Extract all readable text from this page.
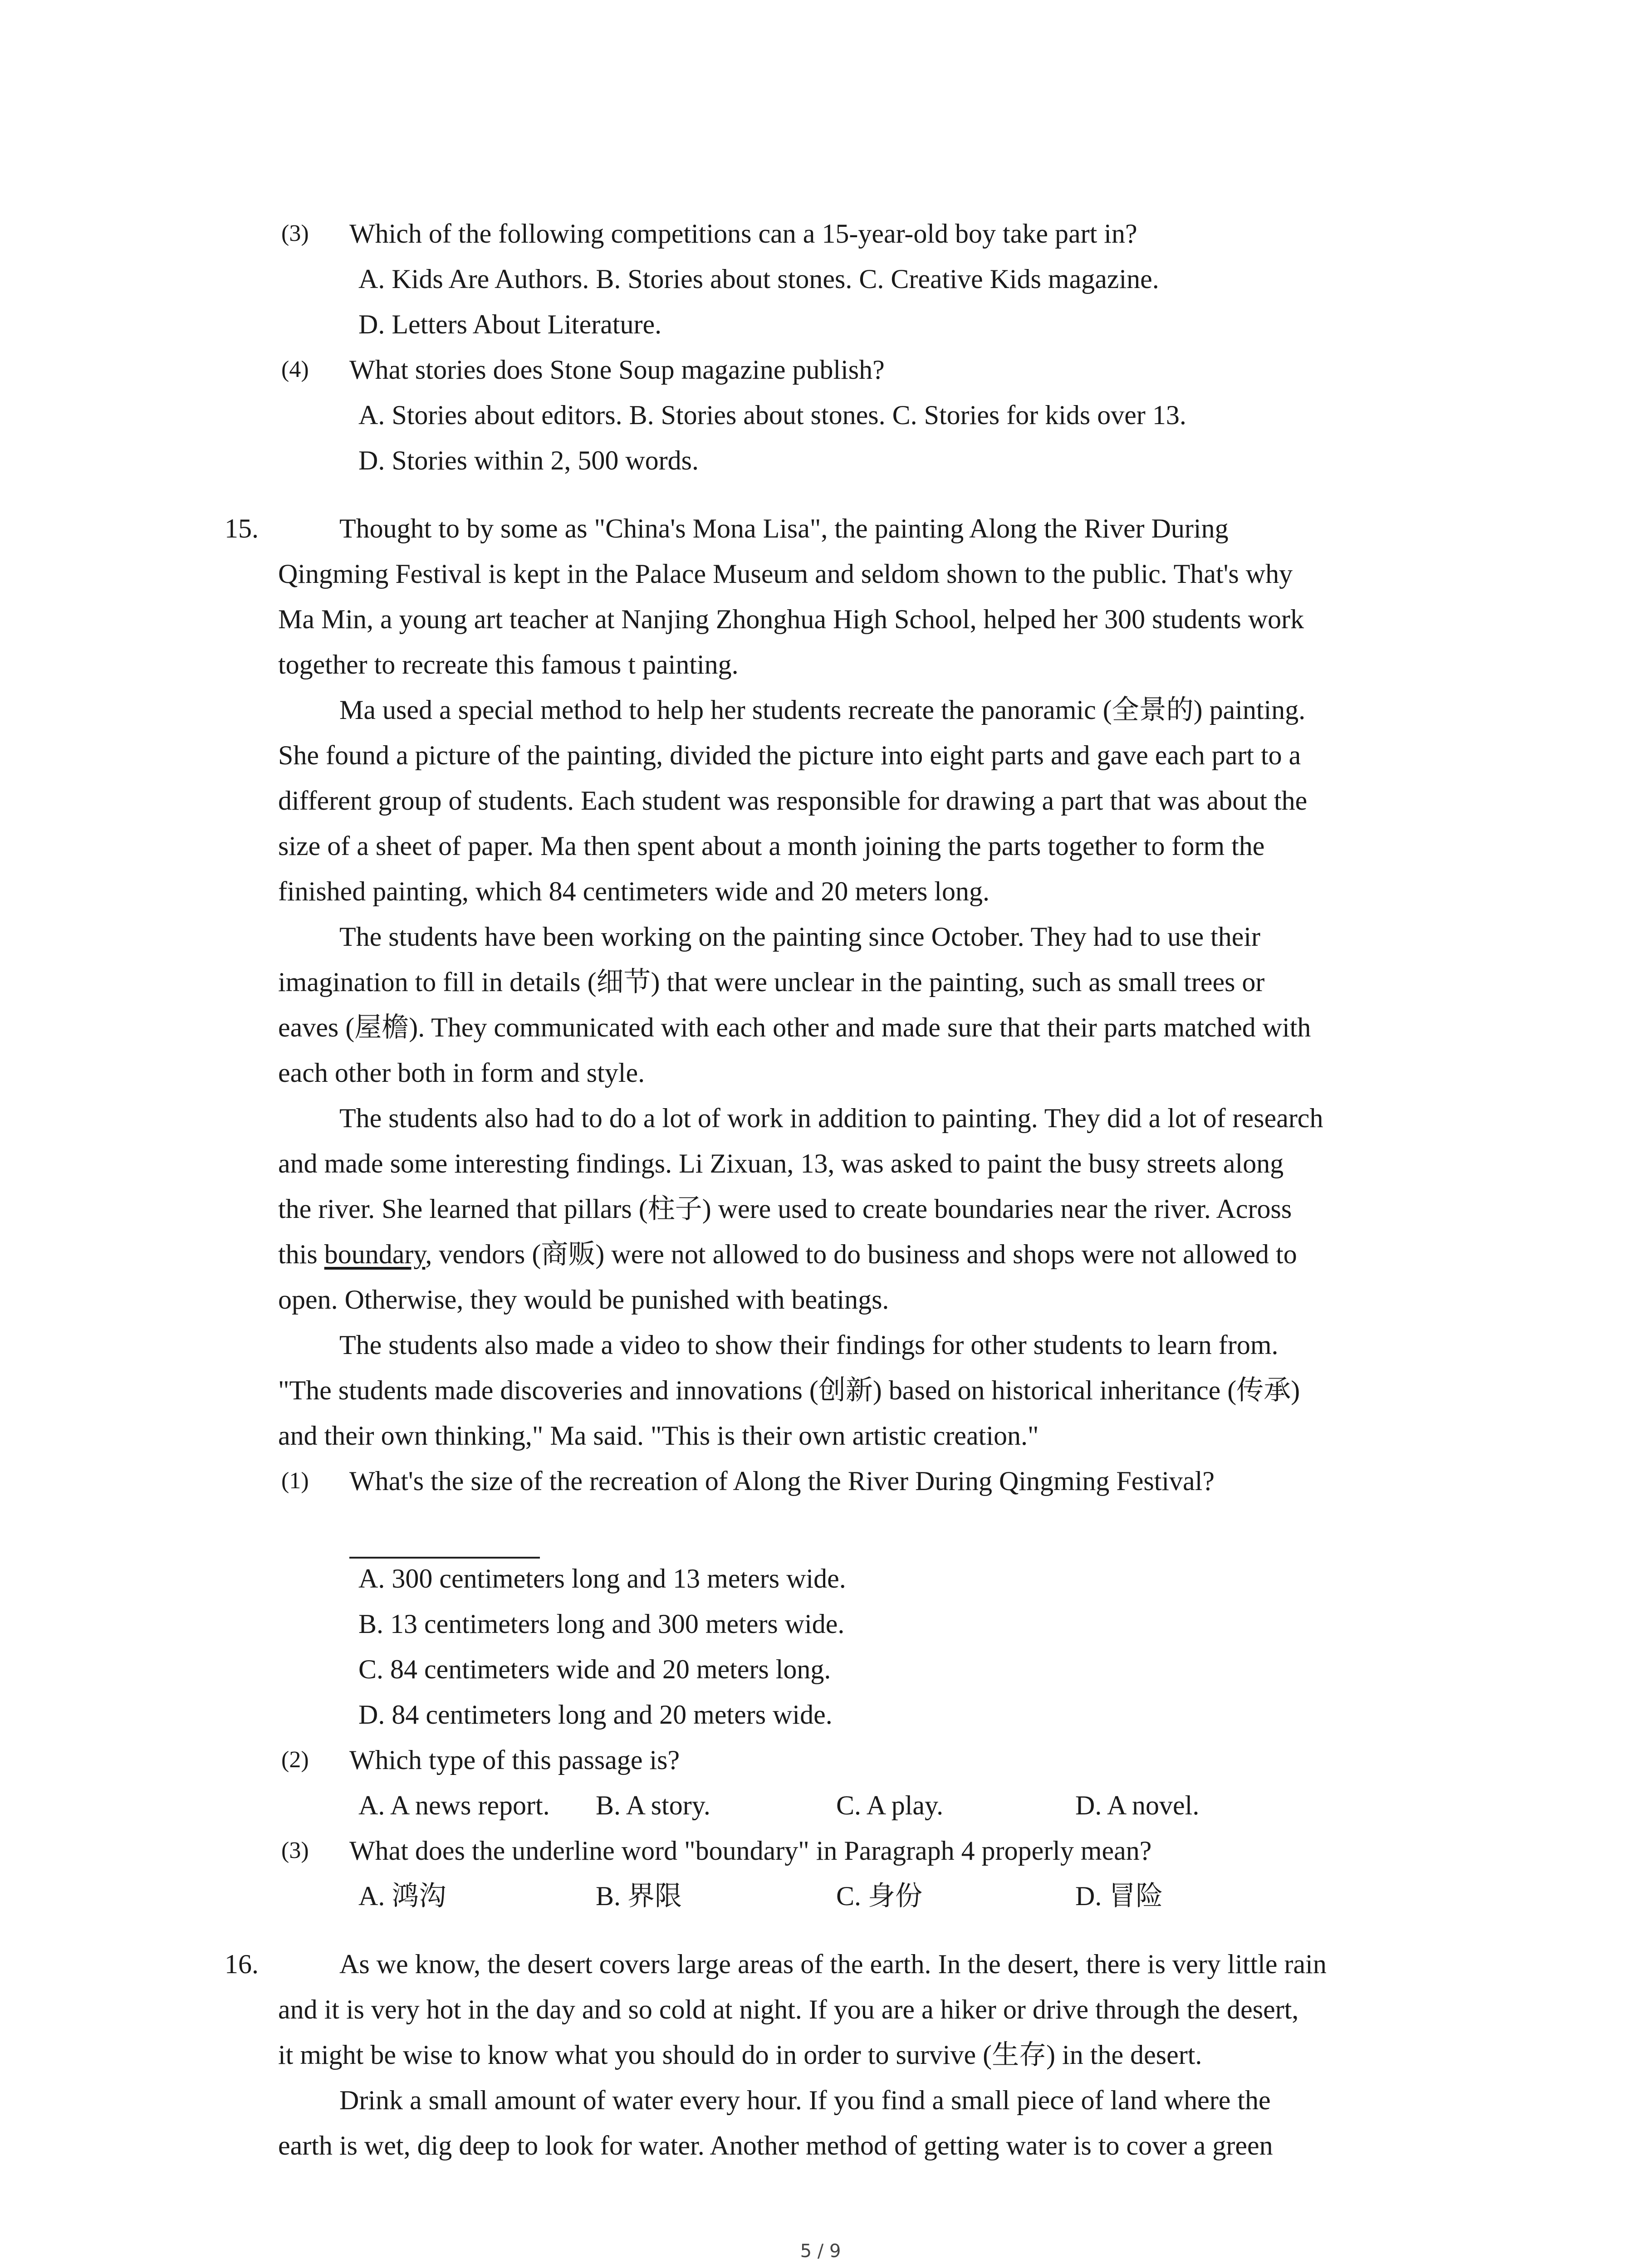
(3) Which of the following competitions can a 15-year-old boy take part in?
A. Kids Are Authors. B. Stories about stones. C. Creative Kids magazine.
D. Letters About Literature.
(4) What stories does Stone Soup magazine publish?
A. Stories about editors. B. Stories about stones. C. Stories for kids over 13.
D. Stories within 2, 500 words.
15.	Thought to by some as "China's Mona Lisa", the painting Along the River During
Qingming Festival is kept in the Palace Museum and seldom shown to the public. That's why
Ma Min, a young art teacher at Nanjing Zhonghua High School, helped her 300 students work
together to recreate this famous t painting.
Ma used a special method to help her students recreate the panoramic (全景的) painting.
She found a picture of the painting, divided the picture into eight parts and gave each part to a
different group of students. Each student was responsible for drawing a part that was about the
size of a sheet of paper. Ma then spent about a month joining the parts together to form the
finished painting, which 84 centimeters wide and 20 meters long.
The students have been working on the painting since October. They had to use their
imagination to fill in details (细节) that were unclear in the painting, such as small trees or
eaves (屋檐). They communicated with each other and made sure that their parts matched with
each other both in form and style.
The students also had to do a lot of work in addition to painting. They did a lot of research
and made some interesting findings. Li Zixuan, 13, was asked to paint the busy streets along
the river. She learned that pillars (柱子) were used to create boundaries near the river. Across
this boundary, vendors (商贩) were not allowed to do business and shops were not allowed to
open. Otherwise, they would be punished with beatings.
The students also made a video to show their findings for other students to learn from.
"The students made discoveries and innovations (创新) based on historical inheritance (传承)
and their own thinking," Ma said. "This is their own artistic creation."
(1) What's the size of the recreation of Along the River During Qingming Festival?
A. 300 centimeters long and 13 meters wide.
B. 13 centimeters long and 300 meters wide.
C. 84 centimeters wide and 20 meters long.
D. 84 centimeters long and 20 meters wide.
(2) Which type of this passage is?
A. A news report. B. A story.	C. A play.	D. A novel.
(3) What does the underline word "boundary" in Paragraph 4 properly mean?
A. 鸿沟	B. 界限	C. 身份	D. 冒险
16.	As we know, the desert covers large areas of the earth. In the desert, there is very little rain
and it is very hot in the day and so cold at night. If you are a hiker or drive through the desert,
it might be wise to know what you should do in order to survive (生存) in the desert.
Drink a small amount of water every hour. If you find a small piece of land where the
earth is wet, dig deep to look for water. Another method of getting water is to cover a green
5 / 9
